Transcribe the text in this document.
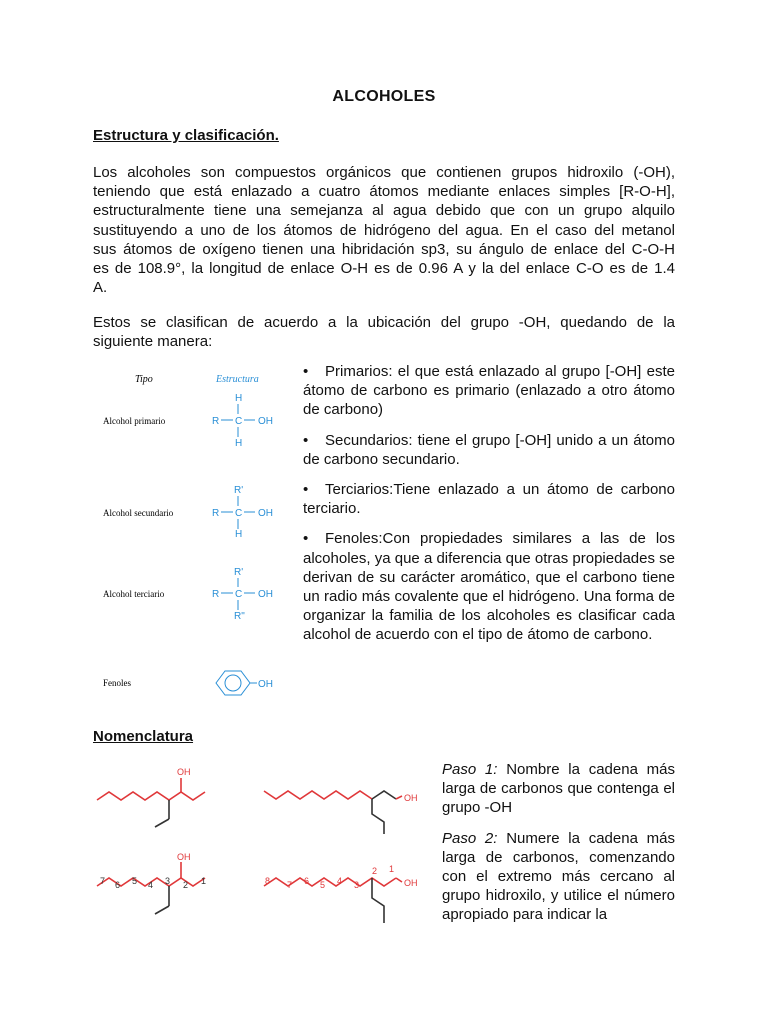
ALCOHOLES
Estructura y clasificación.
Los alcoholes son compuestos orgánicos que contienen grupos hidroxilo (-OH),
teniendo que está enlazado a cuatro átomos mediante enlaces simples [R-O-H],
estructuralmente tiene una semejanza al agua debido que con un grupo alquilo
sustituyendo a uno de los átomos de hidrógeno del agua. En el caso del metanol
sus átomos de oxígeno tienen una hibridación sp3, su ángulo de enlace del C-O-H
es de 108.9°, la longitud de enlace O-H es de 0.96 A y la del enlace C-O es de 1.4
A.
Estos se clasifican de acuerdo a la ubicación del grupo -OH, quedando de la
siguiente manera:
Tipo	Estructura
Alcohol primario
H
R C OH
H
Alcohol secundario
R'
R C OH
H
Alcohol terciario
R'
R C OH
R"
Fenoles	OH

• Primarios: el que está enlazado al grupo [-OH] este átomo de carbono es primario (enlazado a otro átomo de carbono)

• Secundarios: tiene el grupo [-OH] unido a un átomo de carbono secundario.

• Terciarios:Tiene enlazado a un átomo de carbono terciario.

• Fenoles:Con propiedades similares a las de los alcoholes, ya que a diferencia que otras propiedades se derivan de su carácter aromático, que el carbono tiene un radio más covalente que el hidrógeno. Una forma de organizar la familia de los alcoholes es clasificar cada alcohol de acuerdo con el tipo de átomo de carbono.

Nomenclatura
OH
OH
OH
7 6 5 4 3 2 1	OH
8 7 6 5 4 3
2 1

Paso 1: Nombre la cadena más larga de carbonos que contenga el grupo -OH

Paso 2: Numere la cadena más larga de carbonos, comenzando con el extremo más cercano al grupo hidroxilo, y utilice el número apropiado para indicar la
